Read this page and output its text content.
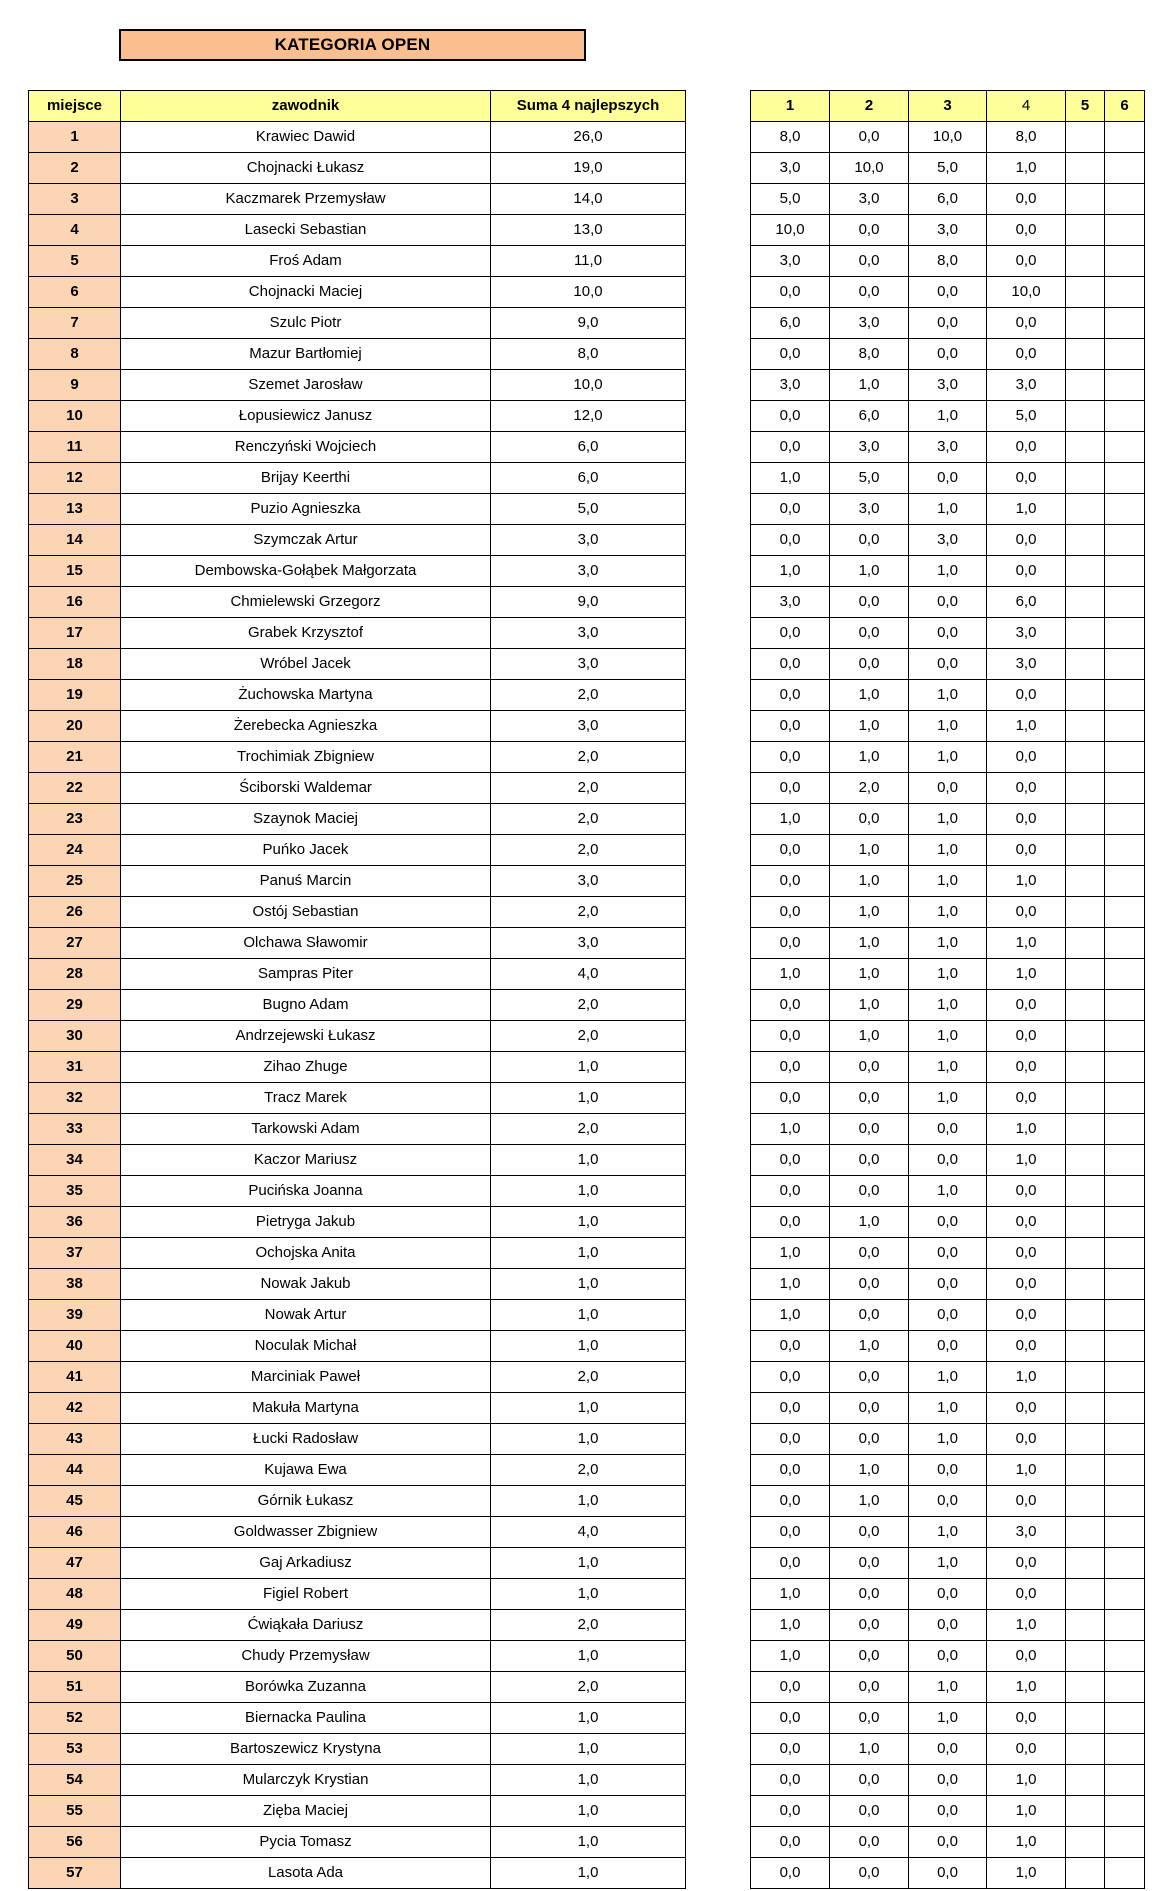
KATEGORIA OPEN
miejsce	zawodnik	Suma 4 najlepszych
1	Krawiec Dawid	26,0
2	Chojnacki Łukasz	19,0
3	Kaczmarek Przemysław	14,0
4	Lasecki Sebastian	13,0
5	Froś Adam	11,0
6	Chojnacki Maciej	10,0
7	Szulc Piotr	9,0
8	Mazur Bartłomiej	8,0
9	Szemet Jarosław	10,0
10	Łopusiewicz Janusz	12,0
11	Renczyński Wojciech	6,0
12	Brijay Keerthi	6,0
13	Puzio Agnieszka	5,0
14	Szymczak Artur	3,0
15	Dembowska-Gołąbek Małgorzata	3,0
16	Chmielewski Grzegorz	9,0
17	Grabek Krzysztof	3,0
18	Wróbel Jacek	3,0
19	Żuchowska Martyna	2,0
20	Żerebecka Agnieszka	3,0
21	Trochimiak Zbigniew	2,0
22	Ściborski Waldemar	2,0
23	Szaynok Maciej	2,0
24	Puńko Jacek	2,0
25	Panuś Marcin	3,0
26	Ostój Sebastian	2,0
27	Olchawa Sławomir	3,0
28	Sampras Piter	4,0
29	Bugno Adam	2,0
30	Andrzejewski Łukasz	2,0
31	Zihao Zhuge	1,0
32	Tracz Marek	1,0
33	Tarkowski Adam	2,0
34	Kaczor Mariusz	1,0
35	Pucińska Joanna	1,0
36	Pietryga Jakub	1,0
37	Ochojska Anita	1,0
38	Nowak Jakub	1,0
39	Nowak Artur	1,0
40	Noculak Michał	1,0
41	Marciniak Paweł	2,0
42	Makuła Martyna	1,0
43	Łucki Radosław	1,0
44	Kujawa Ewa	2,0
45	Górnik Łukasz	1,0
46	Goldwasser Zbigniew	4,0
47	Gaj Arkadiusz	1,0
48	Figiel Robert	1,0
49	Ćwiąkała Dariusz	2,0
50	Chudy Przemysław	1,0
51	Borówka Zuzanna	2,0
52	Biernacka Paulina	1,0
53	Bartoszewicz Krystyna	1,0
54	Mularczyk Krystian	1,0
55	Zięba Maciej	1,0
56	Pycia Tomasz	1,0
57	Lasota Ada	1,0
1	2	3	4	5	6
8,0	0,0	10,0	8,0		
3,0	10,0	5,0	1,0		
5,0	3,0	6,0	0,0		
10,0	0,0	3,0	0,0		
3,0	0,0	8,0	0,0		
0,0	0,0	0,0	10,0		
6,0	3,0	0,0	0,0		
0,0	8,0	0,0	0,0		
3,0	1,0	3,0	3,0		
0,0	6,0	1,0	5,0		
0,0	3,0	3,0	0,0		
1,0	5,0	0,0	0,0		
0,0	3,0	1,0	1,0		
0,0	0,0	3,0	0,0		
1,0	1,0	1,0	0,0		
3,0	0,0	0,0	6,0		
0,0	0,0	0,0	3,0		
0,0	0,0	0,0	3,0		
0,0	1,0	1,0	0,0		
0,0	1,0	1,0	1,0		
0,0	1,0	1,0	0,0		
0,0	2,0	0,0	0,0		
1,0	0,0	1,0	0,0		
0,0	1,0	1,0	0,0		
0,0	1,0	1,0	1,0		
0,0	1,0	1,0	0,0		
0,0	1,0	1,0	1,0		
1,0	1,0	1,0	1,0		
0,0	1,0	1,0	0,0		
0,0	1,0	1,0	0,0		
0,0	0,0	1,0	0,0		
0,0	0,0	1,0	0,0		
1,0	0,0	0,0	1,0		
0,0	0,0	0,0	1,0		
0,0	0,0	1,0	0,0		
0,0	1,0	0,0	0,0		
1,0	0,0	0,0	0,0		
1,0	0,0	0,0	0,0		
1,0	0,0	0,0	0,0		
0,0	1,0	0,0	0,0		
0,0	0,0	1,0	1,0		
0,0	0,0	1,0	0,0		
0,0	0,0	1,0	0,0		
0,0	1,0	0,0	1,0		
0,0	1,0	0,0	0,0		
0,0	0,0	1,0	3,0		
0,0	0,0	1,0	0,0		
1,0	0,0	0,0	0,0		
1,0	0,0	0,0	1,0		
1,0	0,0	0,0	0,0		
0,0	0,0	1,0	1,0		
0,0	0,0	1,0	0,0		
0,0	1,0	0,0	0,0		
0,0	0,0	0,0	1,0		
0,0	0,0	0,0	1,0		
0,0	0,0	0,0	1,0		
0,0	0,0	0,0	1,0		
